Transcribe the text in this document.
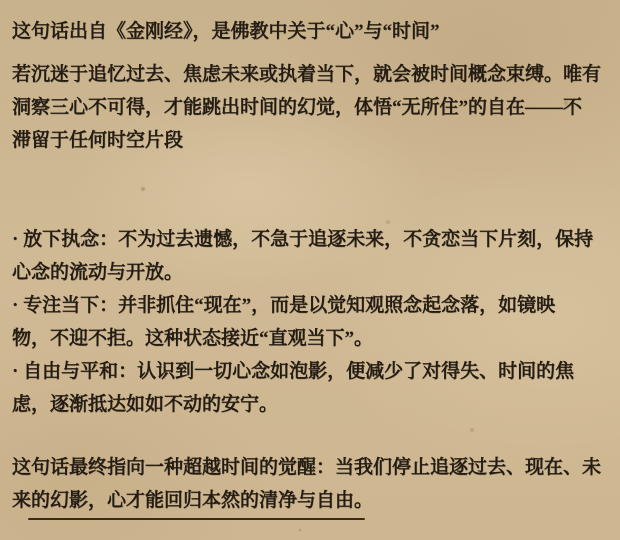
这句话出自《金刚经》，是佛教中关于“心”与“时间”
若沉迷于追忆过去、焦虑未来或执着当下，就会被时间概念束缚。唯有
洞察三心不可得，才能跳出时间的幻觉，体悟“无所住”的自在——不
滞留于任何时空片段
· 放下执念：不为过去遗憾，不急于追逐未来，不贪恋当下片刻，保持
心念的流动与开放。
· 专注当下：并非抓住“现在”，而是以觉知观照念起念落，如镜映
物，不迎不拒。这种状态接近“直观当下”。
· 自由与平和：认识到一切心念如泡影，便减少了对得失、时间的焦
虑，逐渐抵达如如不动的安宁。
这句话最终指向一种超越时间的觉醒：当我们停止追逐过去、现在、未
来的幻影，心才能回归本然的清净与自由。
